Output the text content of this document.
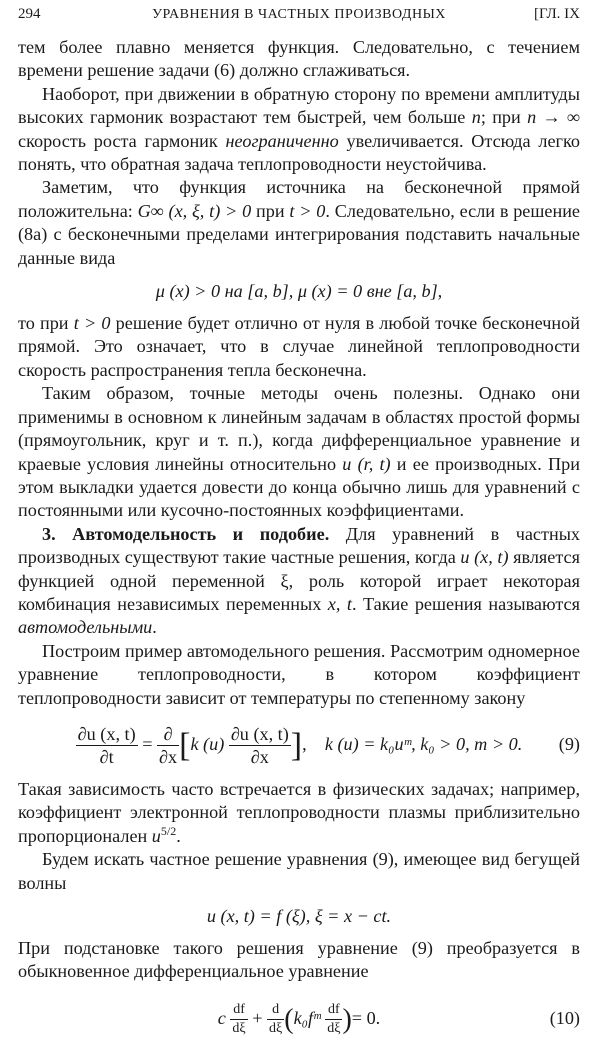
294	УРАВНЕНИЯ В ЧАСТНЫХ ПРОИЗВОДНЫХ	[ГЛ. IX

тем более плавно меняется функция. Следовательно, с течением времени решение задачи (6) должно сглаживаться.

Наоборот, при движении в обратную сторону по времени амплитуды высоких гармоник возрастают тем быстрей, чем больше n; при n → ∞ скорость роста гармоник неограниченно увеличивается. Отсюда легко понять, что обратная задача теплопроводности неустойчива.

Заметим, что функция источника на бесконечной прямой положительна: G∞ (x, ξ, t) > 0 при t > 0. Следовательно, если в решение (8а) с бесконечными пределами интегрирования подставить начальные данные вида

μ (x) > 0 на [a, b], μ (x) = 0 вне [a, b],

то при t > 0 решение будет отлично от нуля в любой точке бесконечной прямой. Это означает, что в случае линейной теплопроводности скорость распространения тепла бесконечна.

Таким образом, точные методы очень полезны. Однако они применимы в основном к линейным задачам в областях простой формы (прямоугольник, круг и т. п.), когда дифференциальное уравнение и краевые условия линейны относительно u (r, t) и ее производных. При этом выкладки удается довести до конца обычно лишь для уравнений с постоянными или кусочно-постоянных коэффициентами.

3. Автомодельность и подобие. Для уравнений в частных производных существуют такие частные решения, когда u (x, t) является функцией одной переменной ξ, роль которой играет некоторая комбинация независимых переменных x, t. Такие решения называются автомодельными.

Построим пример автомодельного решения. Рассмотрим одномерное уравнение теплопроводности, в котором коэффициент теплопроводности зависит от температуры по степенному закону

$\frac{\partial u (x, t)}{\partial t} = \frac{\partial}{\partial x} [k$ $(u) \frac{\partial u (x, t)}{\partial x}$ ],    k (u) = k₀uᵐ, k₀ > 0, m > 0. (9)

Такая зависимость часто встречается в физических задачах; например, коэффициент электронной теплопроводности плазмы приблизительно пропорционален $u^{5/2}$.

Будем искать частное решение уравнения (9), имеющее вид бегущей волны

u (x, t) = f (ξ), ξ = x − ct.

При подстановке такого решения уравнение (9) преобразуется в обыкновенное дифференциальное уравнение

c $\frac{df}{d\xi} + \frac{d}{d\xi}$ (k₀fᵐ $\frac{df}{d\xi}$ )= 0.	(10)
